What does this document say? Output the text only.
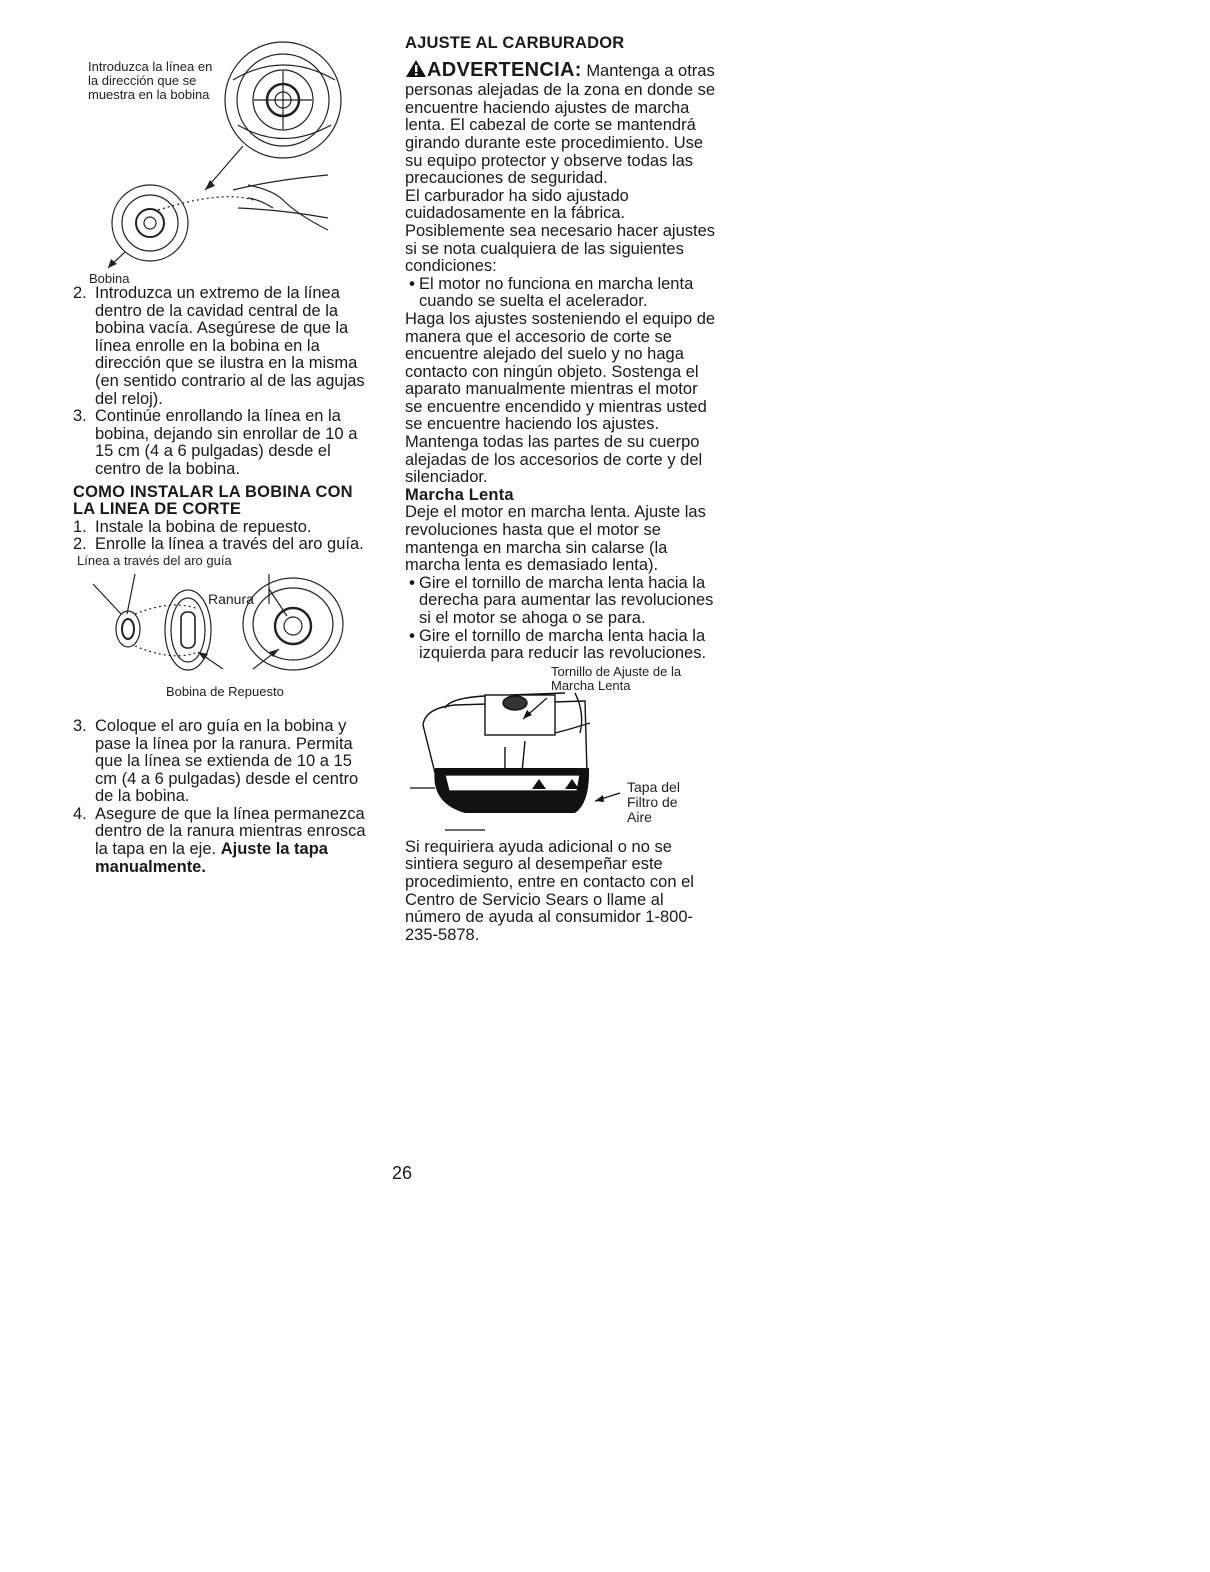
Introduzca la línea en la dirección que se muestra en la bobina
Bobina
2. Introduzca un extremo de la línea dentro de la cavidad central de la bobina vacía. Asegúrese de que la línea enrolle en la bobina en la dirección que se ilustra en la misma (en sentido contrario al de las agujas del reloj).
3. Continúe enrollando la línea en la bobina, dejando sin enrollar de 10 a 15 cm (4 a 6 pulgadas) desde el centro de la bobina.
COMO INSTALAR LA BOBINA CON LA LINEA DE CORTE
1. Instale la bobina de repuesto.
2. Enrolle la línea a través del aro guía.
Línea a través del aro guía
Ranura
Bobina de Repuesto
3. Coloque el aro guía en la bobina y pase la línea por la ranura. Permita que la línea se extienda de 10 a 15 cm (4 a 6 pulgadas) desde el centro de la bobina.
4. Asegure de que la línea permanezca dentro de la ranura mientras enrosca la tapa en la eje. Ajuste la tapa manualmente.
AJUSTE AL CARBURADOR
ADVERTENCIA: Mantenga a otras personas alejadas de la zona en donde se encuentre haciendo ajustes de marcha lenta. El cabezal de corte se mantendrá girando durante este procedimiento. Use su equipo protector y observe todas las precauciones de seguridad.
El carburador ha sido ajustado cuidadosamente en la fábrica. Posiblemente sea necesario hacer ajustes si se nota cualquiera de las siguientes condiciones:
• El motor no funciona en marcha lenta cuando se suelta el acelerador.
Haga los ajustes sosteniendo el equipo de manera que el accesorio de corte se encuentre alejado del suelo y no haga contacto con ningún objeto. Sostenga el aparato manualmente mientras el motor se encuentre encendido y mientras usted se encuentre haciendo los ajustes. Mantenga todas las partes de su cuerpo alejadas de los accesorios de corte y del silenciador.
Marcha Lenta
Deje el motor en marcha lenta. Ajuste las revoluciones hasta que el motor se mantenga en marcha sin calarse (la marcha lenta es demasiado lenta).
• Gire el tornillo de marcha lenta hacia la derecha para aumentar las revoluciones si el motor se ahoga o se para.
• Gire el tornillo de marcha lenta hacia la izquierda para reducir las revoluciones.
Tornillo de Ajuste de la Marcha Lenta
Tapa del Filtro de Aire
Si requiriera ayuda adicional o no se sintiera seguro al desempeñar este procedimiento, entre en contacto con el Centro de Servicio Sears o llame al número de ayuda al consumidor 1-800-235-5878.
26
